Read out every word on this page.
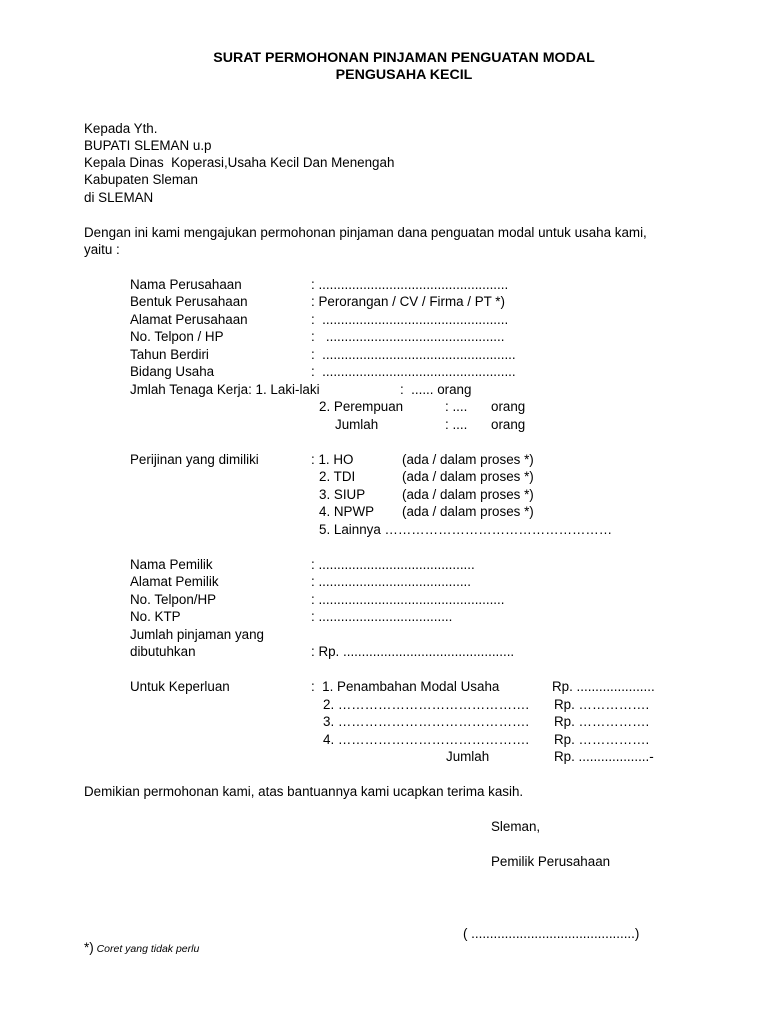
SURAT PERMOHONAN PINJAMAN PENGUATAN MODAL
PENGUSAHA KECIL
Kepada Yth.
BUPATI SLEMAN u.p
Kepala Dinas  Koperasi,Usaha Kecil Dan Menengah
Kabupaten Sleman
di SLEMAN
Dengan ini kami mengajukan permohonan pinjaman dana penguatan modal untuk usaha kami,
yaitu :
Nama Perusahaan	: ...................................................
Bentuk Perusahaan	: Perorangan / CV / Firma / PT *)
Alamat Perusahaan	:  ..................................................
No. Telpon / HP	:   ................................................
Tahun Berdiri	:  ....................................................
Bidang Usaha	:  ....................................................
Jmlah Tenaga Kerja: 1. Laki-laki	:  ...... orang
2. Perempuan	: .... orang
Jumlah	: .... orang
Perijinan yang dimiliki	: 1. HO	(ada / dalam proses *)
2. TDI	(ada / dalam proses *)
3. SIUP	(ada / dalam proses *)
4. NPWP (ada / dalam proses *)
5. Lainnya ……………………………………………
Nama Pemilik	: ..........................................
Alamat Pemilik	: .........................................
No. Telpon/HP	: ..................................................
No. KTP	: ....................................
Jumlah pinjaman yang
dibutuhkan	: Rp. ..............................................
Untuk Keperluan	:  1. Penambahan Modal Usaha	Rp. .....................
2. ……………………………………. Rp. …………….
3. ……………………………………. Rp. …………….
4. ……………………………………. Rp. …………….
Jumlah	Rp. ...................-
Demikian permohonan kami, atas bantuannya kami ucapkan terima kasih.
Sleman,
Pemilik Perusahaan
( ............................................)
*) Coret yang tidak perlu
